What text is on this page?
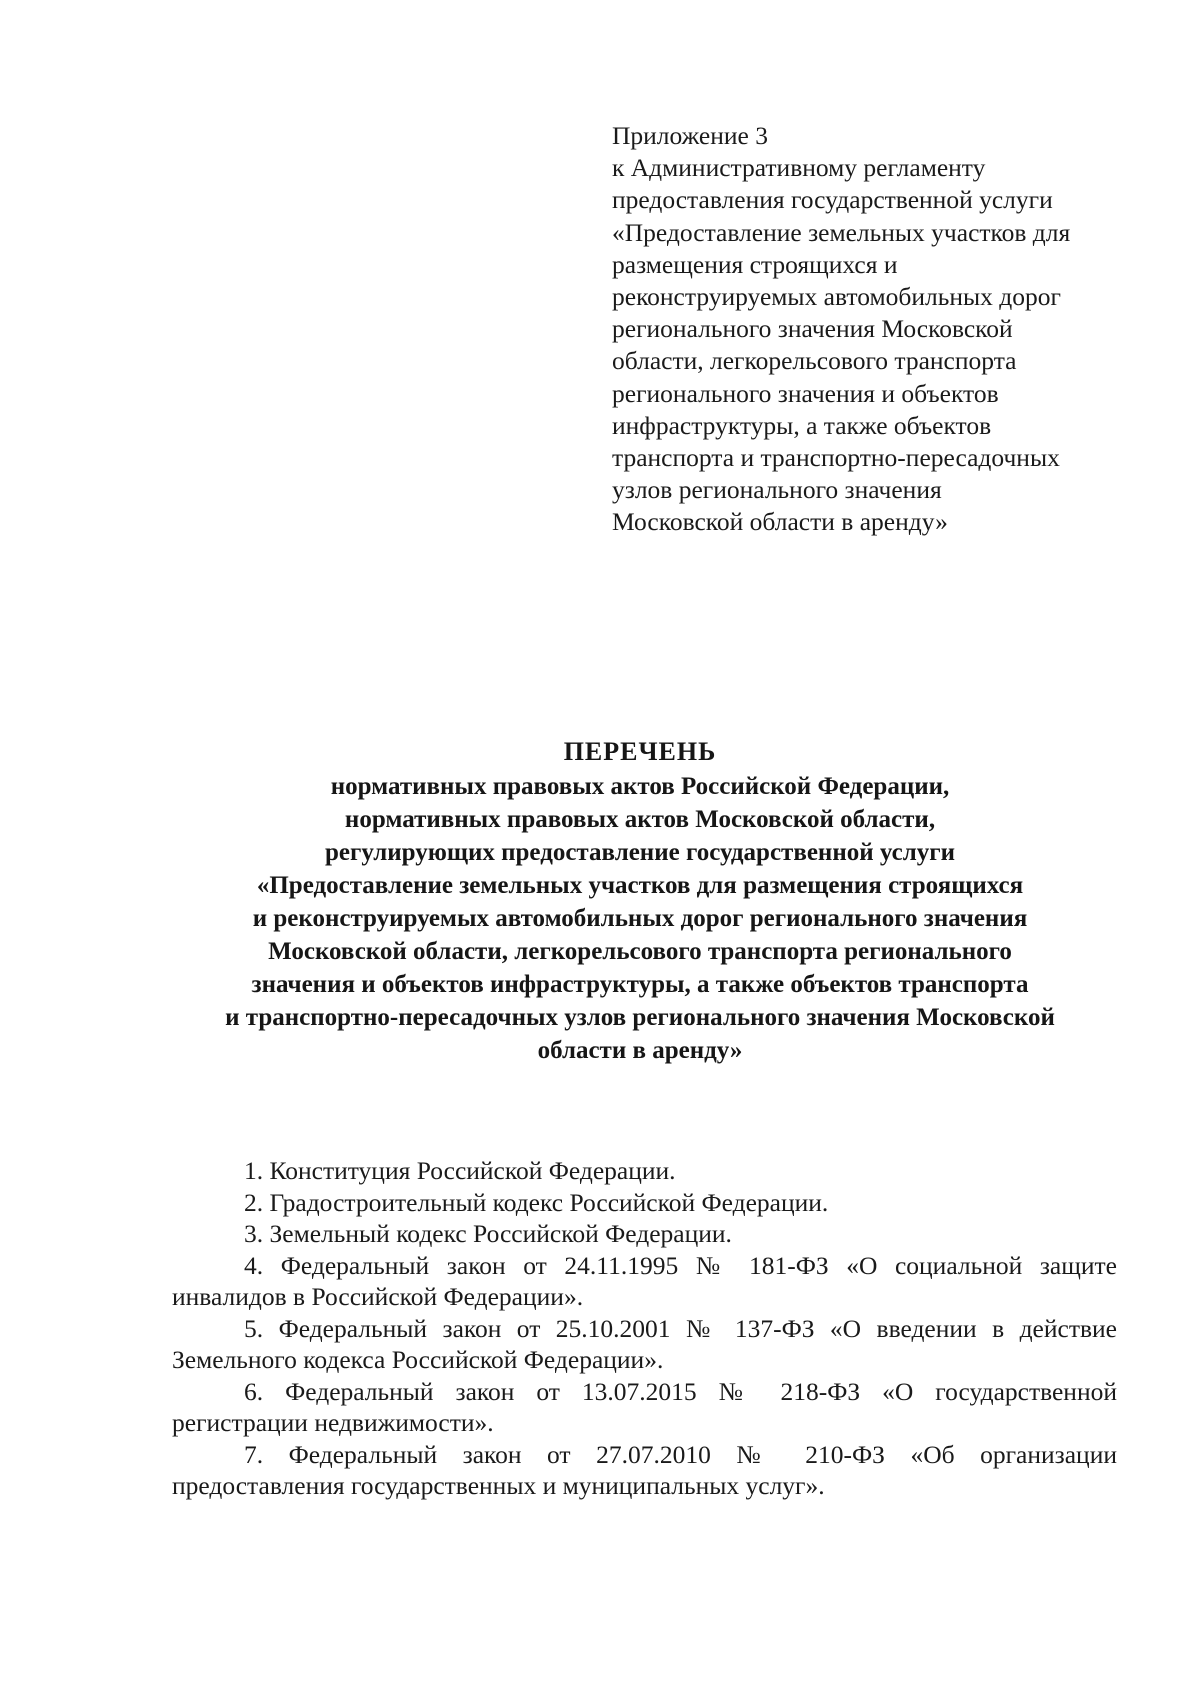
Приложение 3
к Административному регламенту
предоставления государственной услуги
«Предоставление земельных участков для
размещения строящихся и
реконструируемых автомобильных дорог
регионального значения Московской
области, легкорельсового транспорта
регионального значения и объектов
инфраструктуры, а также объектов
транспорта и транспортно-пересадочных
узлов регионального значения
Московской области в аренду»
ПЕРЕЧЕНЬ
нормативных правовых актов Российской Федерации,
нормативных правовых актов Московской области,
регулирующих предоставление государственной услуги
«Предоставление земельных участков для размещения строящихся
и реконструируемых автомобильных дорог регионального значения
Московской области, легкорельсового транспорта регионального
значения и объектов инфраструктуры, а также объектов транспорта
и транспортно-пересадочных узлов регионального значения Московской
области в аренду»
1. Конституция Российской Федерации.
2. Градостроительный кодекс Российской Федерации.
3. Земельный кодекс Российской Федерации.
4. Федеральный закон от 24.11.1995 № 181-ФЗ «О социальной защите инвалидов в Российской Федерации».
5. Федеральный закон от 25.10.2001 № 137-ФЗ «О введении в действие Земельного кодекса Российской Федерации».
6. Федеральный закон от 13.07.2015 № 218-ФЗ «О государственной регистрации недвижимости».
7. Федеральный закон от 27.07.2010 № 210-ФЗ «Об организации предоставления государственных и муниципальных услуг».
